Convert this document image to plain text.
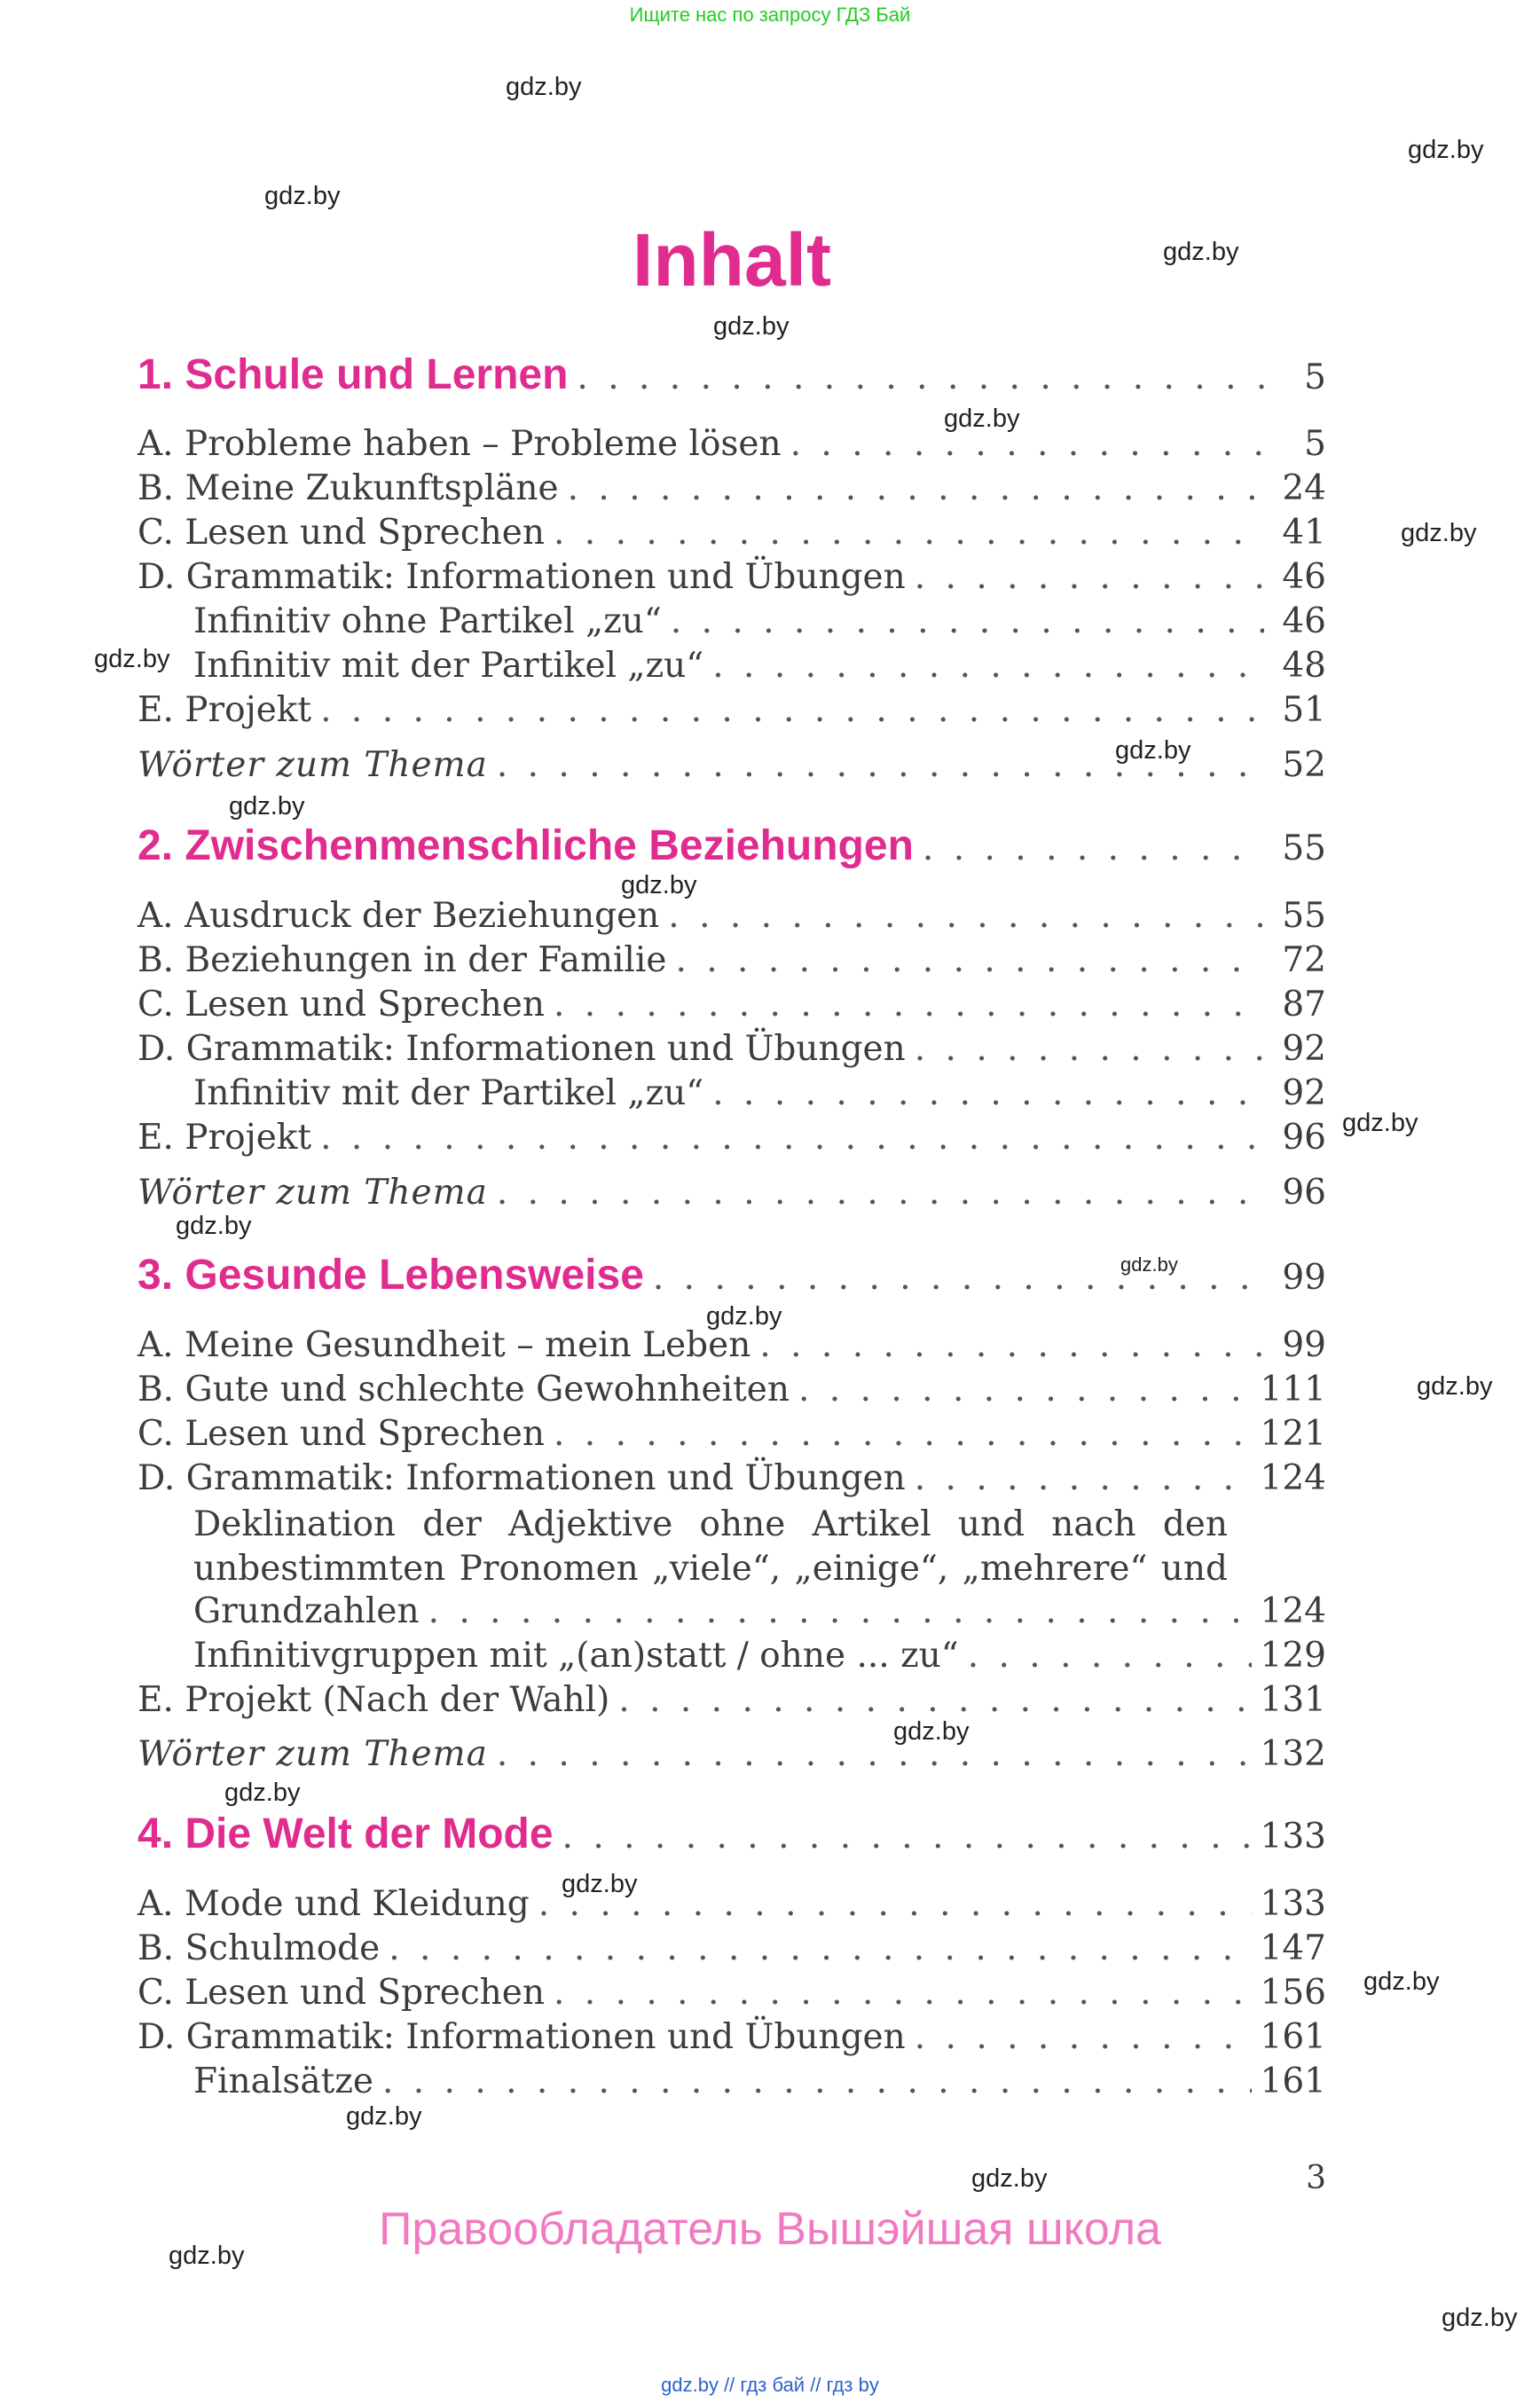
Ищите нас по запросу ГДЗ Бай
gdz.by
gdz.by
gdz.by
gdz.by
gdz.by
gdz.by
gdz.by
gdz.by
gdz.by
gdz.by
gdz.by
gdz.by
gdz.by
gdz.by
gdz.by
gdz.by
gdz.by
gdz.by
gdz.by
gdz.by
gdz.by
gdz.by
gdz.by
gdz.by
Inhalt
1. Schule und Lernen . . .	5
A. Probleme haben – Probleme lösen . . .	5
B. Meine Zukunftspläne . . .	24
C. Lesen und Sprechen . . .	41
D. Grammatik: Informationen und Übungen . . .	46
Infinitiv ohne Partikel „zu“ . . .	46
Infinitiv mit der Partikel „zu“ . . .	48
E. Projekt . . .	51
Wörter zum Thema . . .	52
2. Zwischenmenschliche Beziehungen . . .	55
A. Ausdruck der Beziehungen . . .	55
B. Beziehungen in der Familie . . .	72
C. Lesen und Sprechen . . .	87
D. Grammatik: Informationen und Übungen . . .	92
Infinitiv mit der Partikel „zu“ . . .	92
E. Projekt . . .	96
Wörter zum Thema . . .	96
3. Gesunde Lebensweise . . .	99
A. Meine Gesundheit – mein Leben . . .	99
B. Gute und schlechte Gewohnheiten . . .	111
C. Lesen und Sprechen . . .	121
D. Grammatik: Informationen und Übungen . . .	124
Deklination der Adjektive ohne Artikel und nach den unbestimmten Pronomen „viele“, „einige“, „mehrere“ und
Grundzahlen . . .	124
Infinitivgruppen mit „(an)statt / ohne ... zu“ . . .	129
E. Projekt (Nach der Wahl) . . .	131
Wörter zum Thema . . .	132
4. Die Welt der Mode . . .	133
A. Mode und Kleidung . . .	133
B. Schulmode . . .	147
C. Lesen und Sprechen . . .	156
D. Grammatik: Informationen und Übungen . . .	161
Finalsätze . . .	161
3
Правообладатель Вышэйшая школа
gdz.by // гдз бай // гдз by
